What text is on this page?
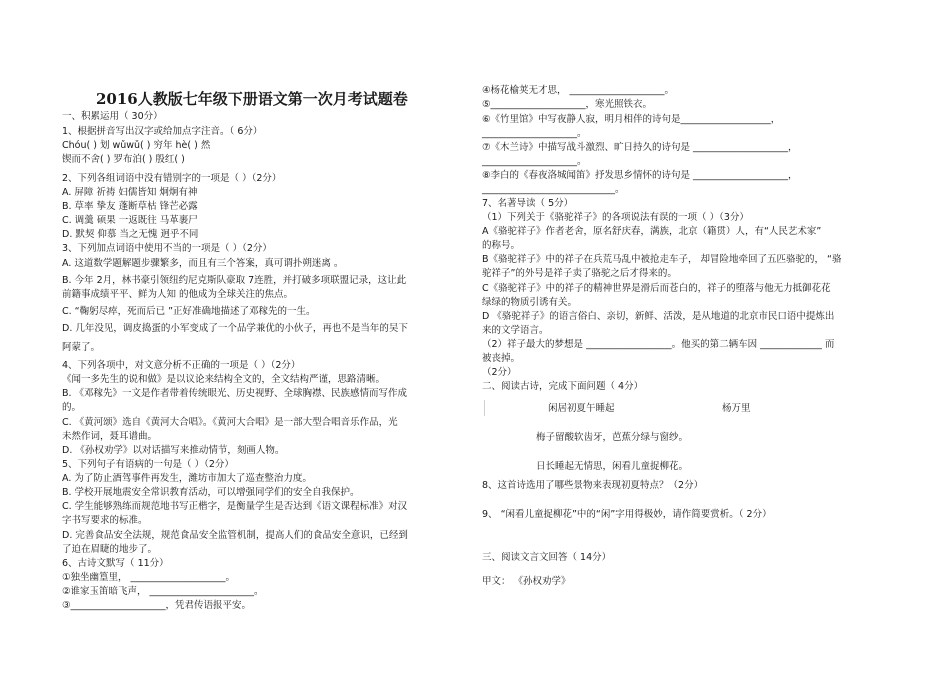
2016人教版七年级下册语文第一次月考试题卷
一、积累运用（ 30分）
1、根据拼音写出汉字或给加点字注音。（ 6分）
Chóu( ) 划 wǔwǔ( ) 穷年 hè( ) 然
锲而不舍( ) 罗布泊( ) 殷红( )
2、下列各组词语中没有错别字的一项是（ ）（2分）
A. 屏障 祈祷 妇儒皆知 炯炯有神
B. 草率 挚友 蓬断草枯 锋芒必露
C. 调羹 硕果 一返既往 马革裹尸
D. 默契 仰慕 当之无愧 迥乎不同
3、下列加点词语中使用不当的一项是（ ）（2分）
A. 这道数学题解题步骤繁多，而且有三个答案，真可谓扑朔迷离 。
B. 今年 2月，林书豪引领纽约尼克斯队豪取 7连胜，并打破多项联盟记录，这让此
前籍事成绩平平、鲜为人知 的他成为全球关注的焦点。
C. “鞠躬尽瘁，死而后已 ”正好准确地描述了邓稼先的一生。
D. 几年没见，调皮捣蛋的小军变成了一个品学兼优的小伙子，再也不是当年的吴下
阿蒙了。
4、下列各项中，对文意分析不正确的一项是（ ）（2分）
《闻一多先生的说和做》是以议论来结构全文的，全文结构严谨，思路清晰。
B. 《邓稼先》一文是作者带着传统眼光、历史视野、全球胸襟、民族感情而写作成
的。
C. 《黄河颂》选自《黄河大合唱》。《黄河大合唱》是一部大型合唱音乐作品，光
未然作词，聂耳谱曲。
D. 《孙权劝学》以对话描写来推动情节，刻画人物。
5、下列句子有语病的一句是（ ）（2分）
A. 为了防止酒驾事件再发生，潍坊市加大了巡查整治力度。
B. 学校开展地震安全常识教育活动，可以增强同学们的安全自我保护。
C. 学生能够熟练而规范地书写正楷字，是衡量学生是否达到《语文课程标准》对汉
字书写要求的标准。
D. 完善食品安全法规，规范食品安全监管机制，提高人们的食品安全意识，已经到
了迫在眉睫的地步了。
6、古诗文默写（ 11分）
①独坐幽篁里， ____________________。
②谁家玉笛暗飞声， ______________________。
③____________________，凭君传语报平安。
④杨花榆荚无才思， ____________________。
⑤____________________，寒光照铁衣。
⑥《竹里馆》中写夜静人寂，明月相伴的诗句是___________________，
____________________。
⑦《木兰诗》中描写战斗激烈、旷日持久的诗句是 ____________________，
____________________。
⑧李白的《春夜洛城闻笛》抒发思乡情怀的诗句是 ____________________，
____________________________。
7、名著导读（ 5分）
（1）下列关于《骆驼祥子》的各项说法有误的一项（ ）（3分）
A《骆驼祥子》作者老舍，原名舒庆春，满族，北京（籍贯）人，有“人民艺术家”
的称号。
B《骆驼祥子》中的祥子在兵荒马乱中被抢走车子， 却冒险地牵回了五匹骆驼的， “骆
驼祥子”的外号是祥子卖了骆驼之后才得来的。
C《骆驼祥子》中的祥子的精神世界是滑后而苍白的，祥子的堕落与他无力抵御花花
绿绿的物质引诱有关。
D 《骆驼祥子》的语言俗白、亲切，新鲜、活泼，是从地道的北京市民口语中提炼出
来的文学语言。
（2）祥子最大的梦想是 __________________。他买的第二辆车因 _____________ 而
被丧掉。
（2分）
二、阅读古诗，完成下面问题（ 4分）
闲居初夏午睡起	杨万里
梅子留酸软齿牙，芭蕉分绿与窗纱。
日长睡起无情思，闲看儿童捉柳花。
8、这首诗选用了哪些景物来表现初夏特点？（2分）
9、 “闲看儿童捉柳花”中的“闲”字用得极妙，请作简要赏析。（ 2分）
三、阅读文言文回答（ 14分）
甲文： 《孙权劝学》
